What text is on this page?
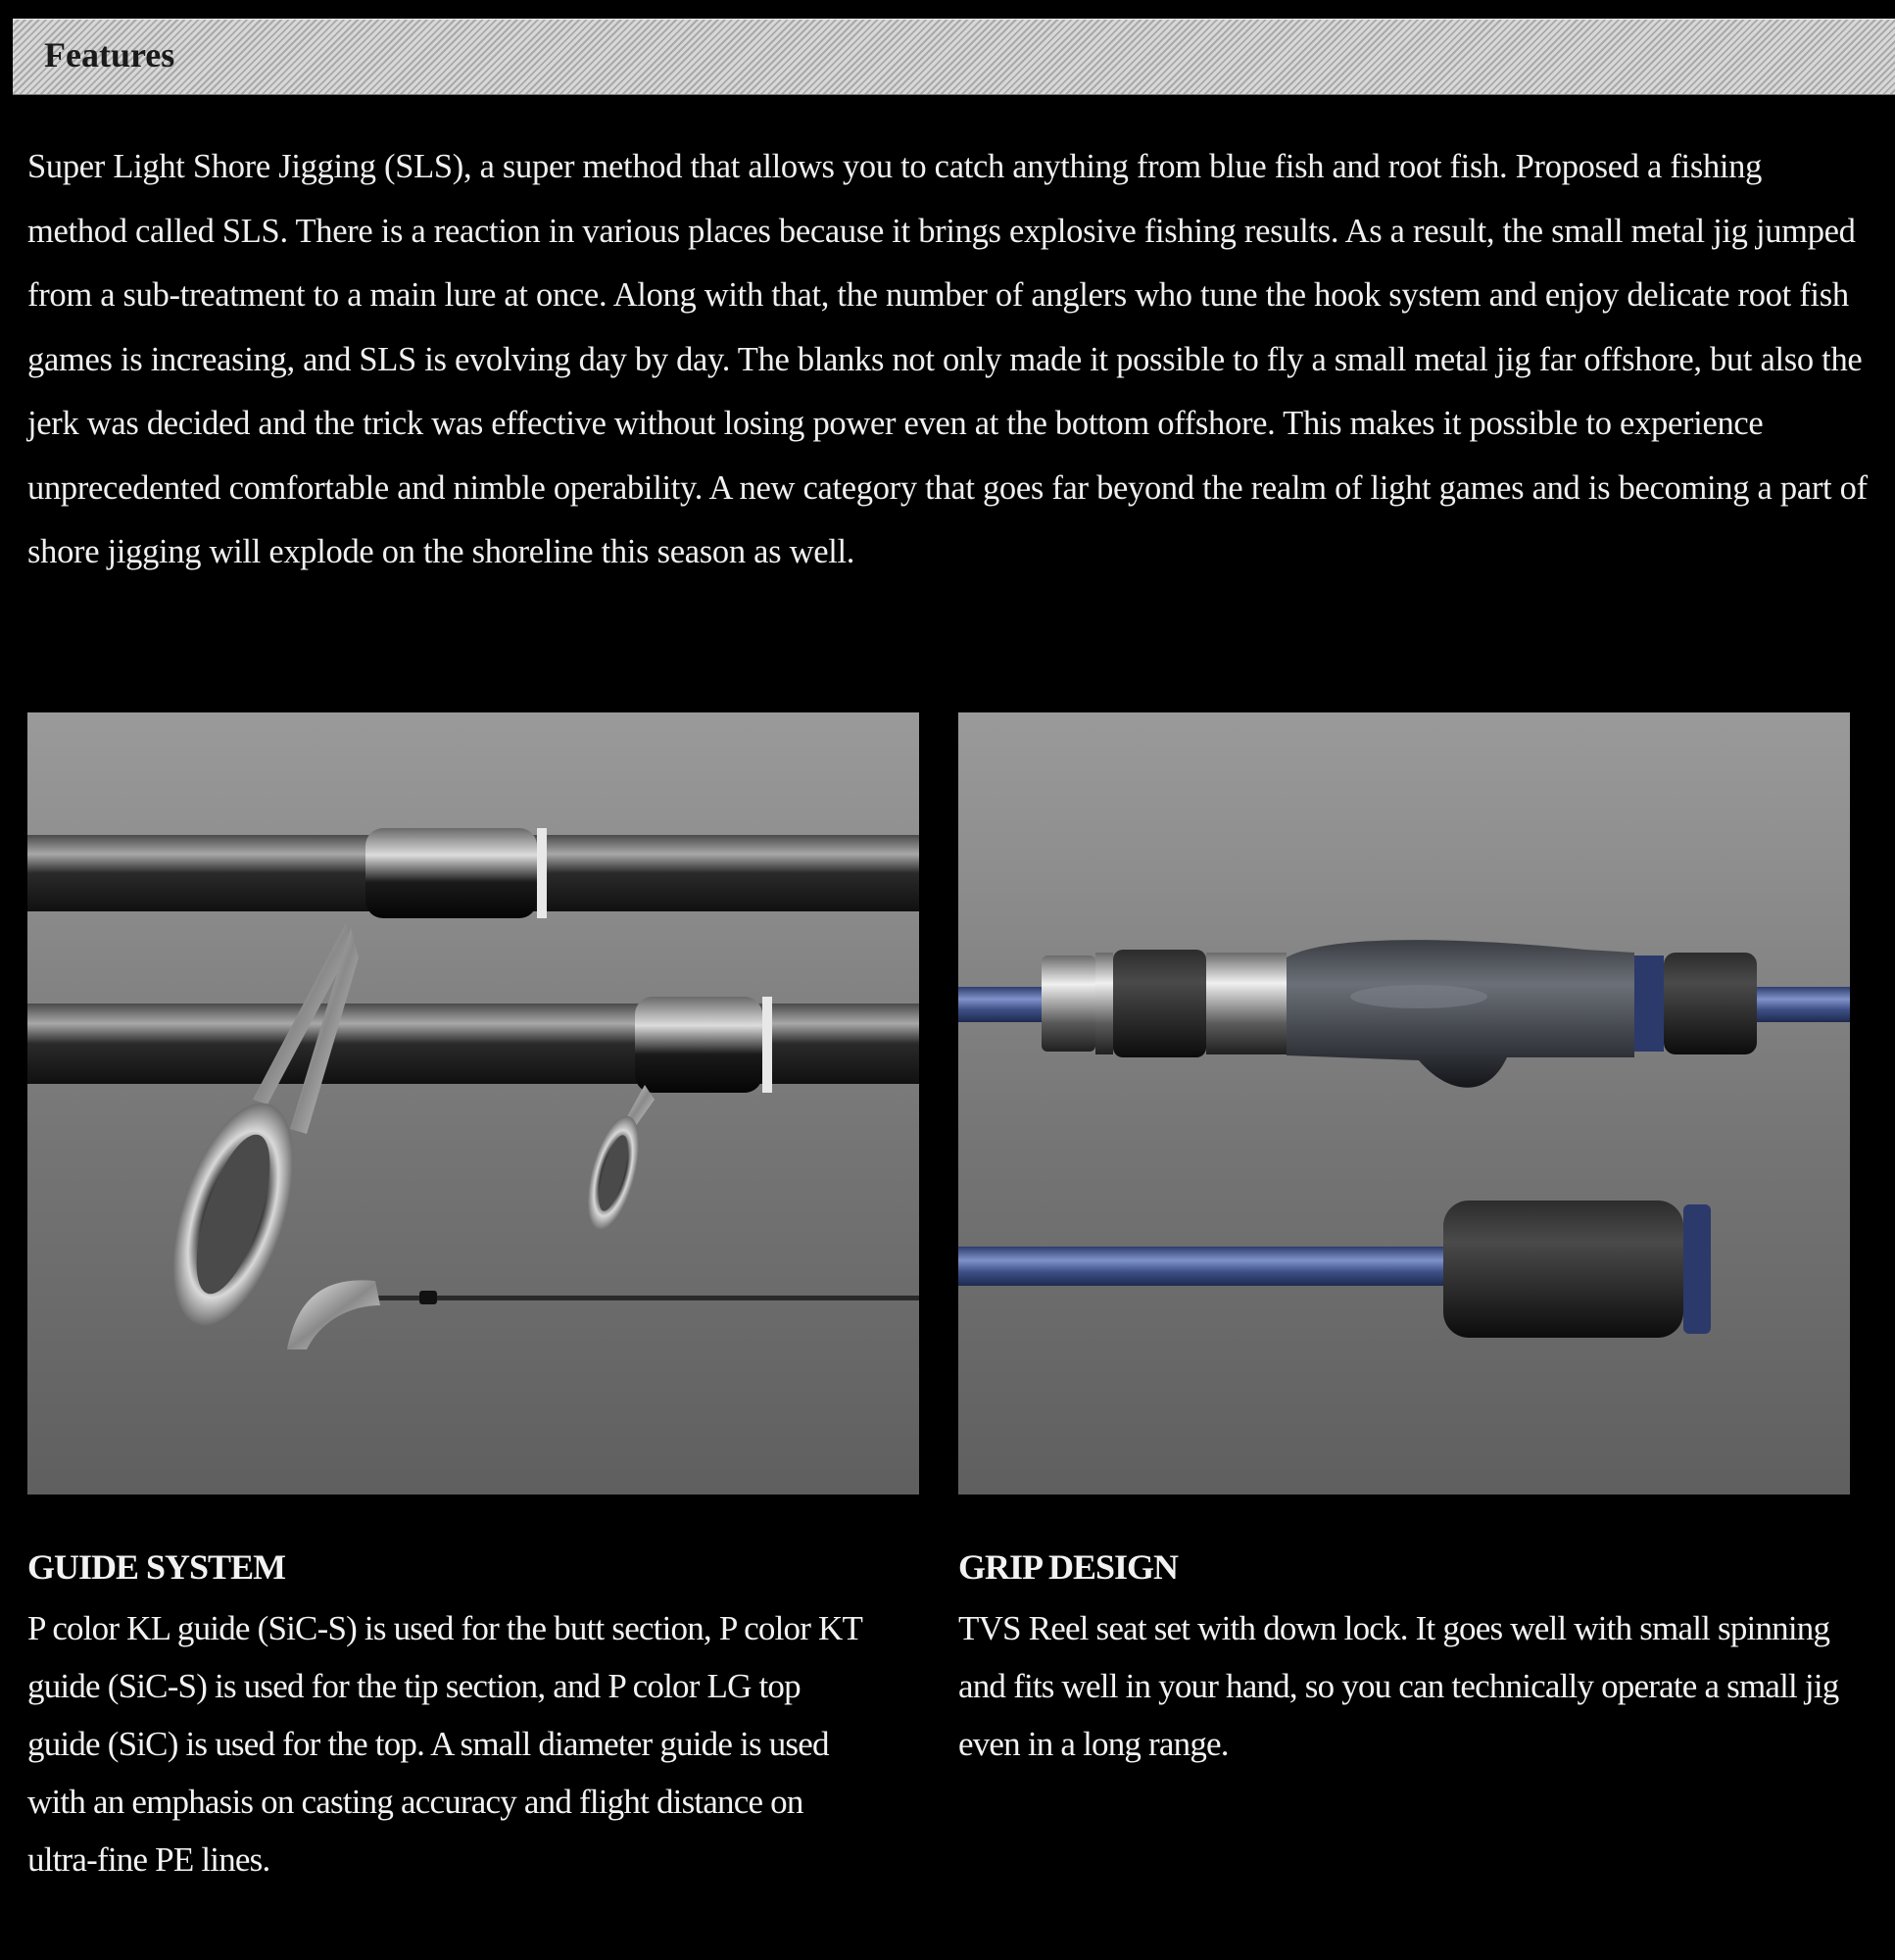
Features

Super Light Shore Jigging (SLS), a super method that allows you to catch anything from blue fish and root fish. Proposed a fishing method called SLS. There is a reaction in various places because it brings explosive fishing results. As a result, the small metal jig jumped from a sub-treatment to a main lure at once. Along with that, the number of anglers who tune the hook system and enjoy delicate root fish games is increasing, and SLS is evolving day by day. The blanks not only made it possible to fly a small metal jig far offshore, but also the jerk was decided and the trick was effective without losing power even at the bottom offshore. This makes it possible to experience unprecedented comfortable and nimble operability. A new category that goes far beyond the realm of light games and is becoming a part of shore jigging will explode on the shoreline this season as well.

GUIDE SYSTEM
P color KL guide (SiC-S) is used for the butt section, P color KT guide (SiC-S) is used for the tip section, and P color LG top guide (SiC) is used for the top. A small diameter guide is used with an emphasis on casting accuracy and flight distance on ultra-fine PE lines.
GRIP DESIGN
TVS Reel seat set with down lock. It goes well with small spinning and fits well in your hand, so you can technically operate a small jig even in a long range.
